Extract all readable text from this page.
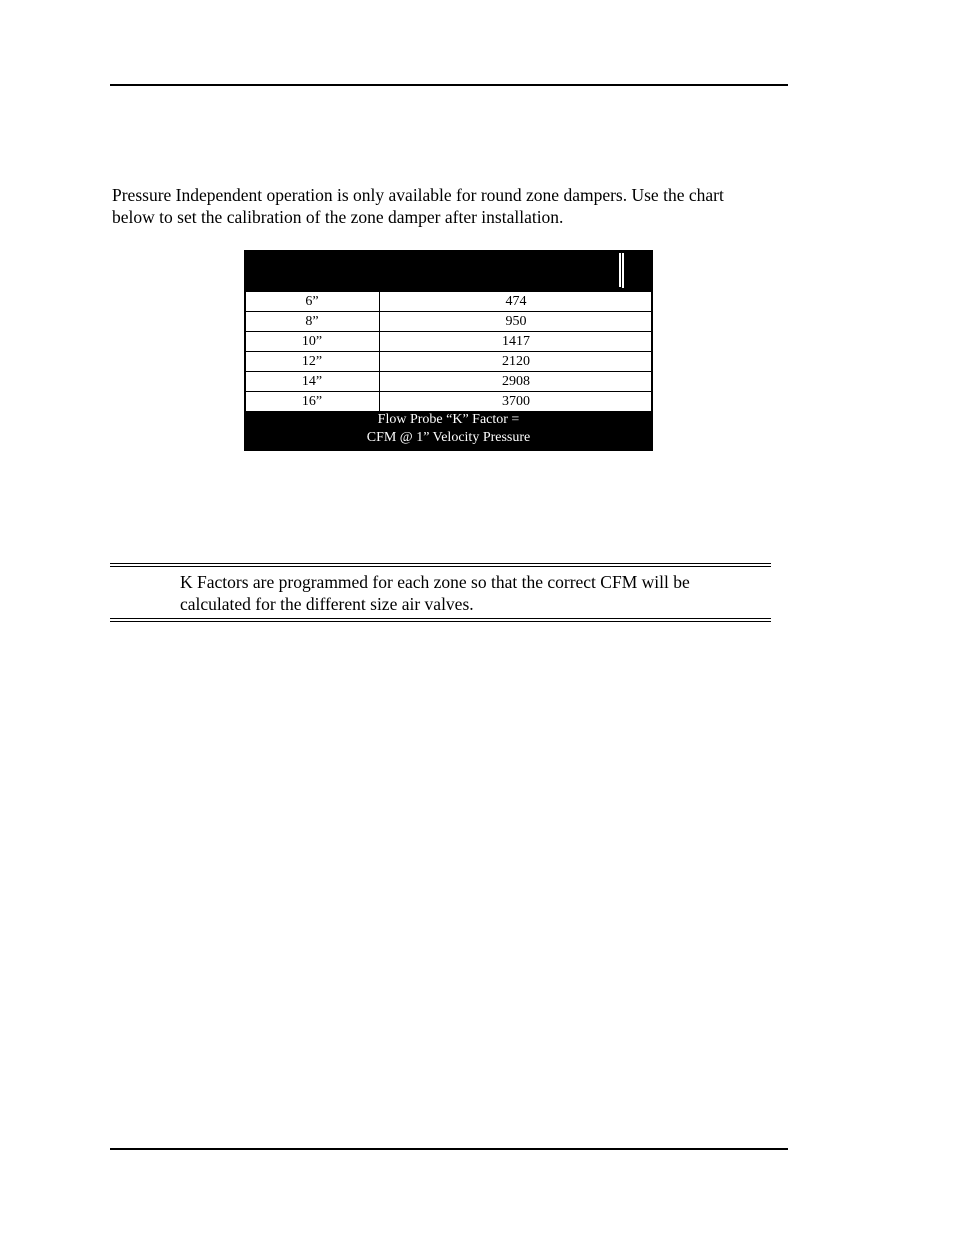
Pressure Independent operation is only available for round zone dampers. Use the chart
below to set the calibration of the zone damper after installation.

6”	474
8”	950
10”	1417
12”	2120
14”	2908
16”	3700
Flow Probe “K” Factor =
CFM @ 1” Velocity Pressure

K Factors are programmed for each zone so that the correct CFM will be
calculated for the different size air valves.
